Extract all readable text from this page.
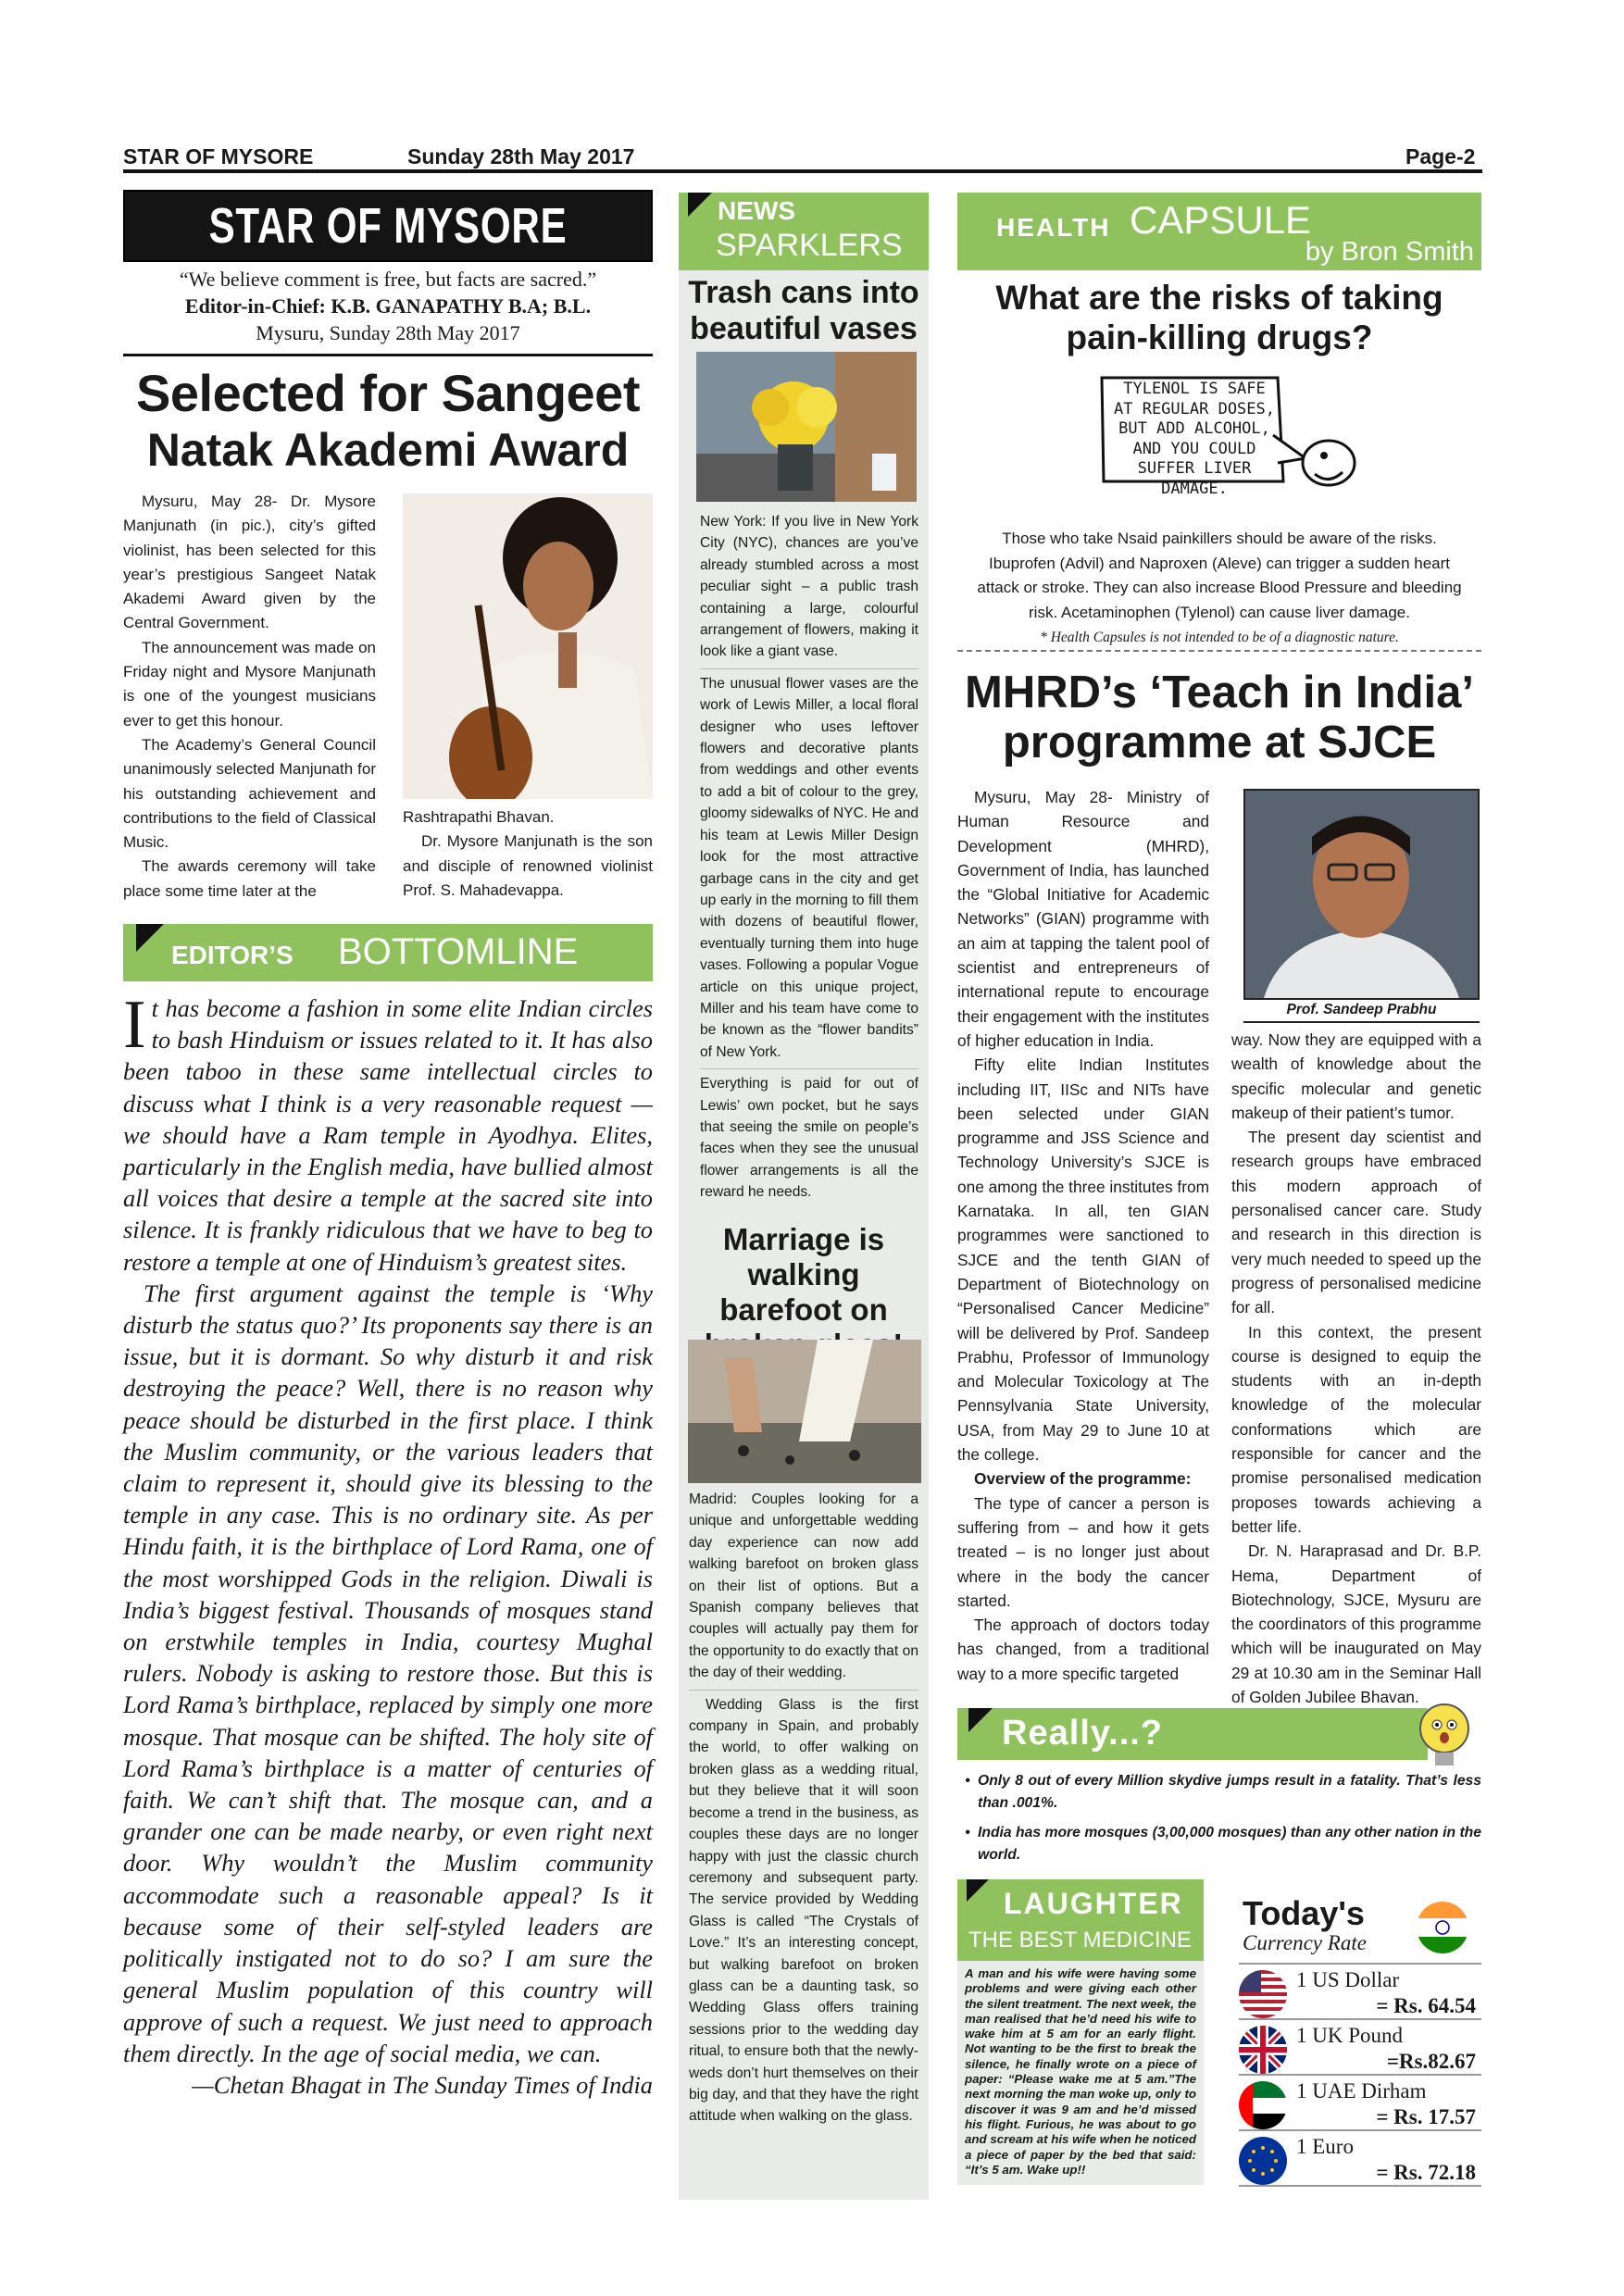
STAR OF MYSORE	Sunday 28th May 2017	Page-2
STAR OF MYSORE
“We believe comment is free, but facts are sacred.”
Editor-in-Chief: K.B. GANAPATHY B.A; B.L.
Mysuru, Sunday 28th May 2017
Selected for Sangeet
Natak Akademi Award

Mysuru, May 28- Dr. Mysore Manjunath (in pic.), city’s gifted violinist, has been selected for this year’s prestigious Sangeet Natak Akademi Award given by the Central Government.

The announcement was made on Friday night and Mysore Manjunath is one of the youngest musicians ever to get this honour.

The Academy’s General Council unanimously selected Manjunath for his outstanding achievement and contributions to the field of Classical Music.

The awards ceremony will take place some time later at the

Rashtrapathi Bhavan.

Dr. Mysore Manjunath is the son and disciple of renowned violinist Prof. S. Mahadevappa.

EDITOR’S BOTTOMLINE

It has become a fashion in some elite Indian circles to bash Hinduism or issues related to it. It has also been taboo in these same intellectual circles to discuss what I think is a very reasonable request — we should have a Ram temple in Ayodhya. Elites, particularly in the English media, have bullied almost all voices that desire a temple at the sacred site into silence. It is frankly ridiculous that we have to beg to restore a temple at one of Hinduism’s greatest sites.

The first argument against the temple is ‘Why disturb the status quo?’ Its proponents say there is an issue, but it is dormant. So why disturb it and risk destroying the peace? Well, there is no reason why peace should be disturbed in the first place. I think the Muslim community, or the various leaders that claim to represent it, should give its blessing to the temple in any case. This is no ordinary site. As per Hindu faith, it is the birthplace of Lord Rama, one of the most worshipped Gods in the religion. Diwali is India’s biggest festival. Thousands of mosques stand on erstwhile temples in India, courtesy Mughal rulers. Nobody is asking to restore those. But this is Lord Rama’s birthplace, replaced by simply one more mosque. That mosque can be shifted. The holy site of Lord Rama’s birthplace is a matter of centuries of faith. We can’t shift that. The mosque can, and a grander one can be made nearby, or even right next door. Why wouldn’t the Muslim community accommodate such a reasonable appeal? Is it because some of their self-styled leaders are politically instigated not to do so? I am sure the general Muslim population of this country will approve of such a request. We just need to approach them directly. In the age of social media, we can.

—Chetan Bhagat in The Sunday Times of India

NEWS
SPARKLERS
Trash cans into beautiful vases

New York: If you live in New York City (NYC), chances are you’ve already stumbled across a most peculiar sight – a public trash containing a large, colourful arrangement of flowers, making it look like a giant vase.

The unusual flower vases are the work of Lewis Miller, a local floral designer who uses leftover flowers and decorative plants from weddings and other events to add a bit of colour to the grey, gloomy sidewalks of NYC. He and his team at Lewis Miller Design look for the most attractive garbage cans in the city and get up early in the morning to fill them with dozens of beautiful flower, eventually turning them into huge vases. Following a popular Vogue article on this unique project, Miller and his team have come to be known as the “flower bandits” of New York.

Everything is paid for out of Lewis’ own pocket, but he says that seeing the smile on people’s faces when they see the unusual flower arrangements is all the reward he needs.

Marriage is walking barefoot on

Madrid: Couples looking for a unique and unforgettable wedding day experience can now add walking barefoot on broken glass on their list of options. But a Spanish company believes that couples will actually pay them for the opportunity to do exactly that on the day of their wedding.

Wedding Glass is the first company in Spain, and probably the world, to offer walking on broken glass as a wedding ritual, but they believe that it will soon become a trend in the business, as couples these days are no longer happy with just the classic church ceremony and subsequent party. The service provided by Wedding Glass is called “The Crystals of Love.” It’s an interesting concept, but walking barefoot on broken glass can be a daunting task, so Wedding Glass offers training sessions prior to the wedding day ritual, to ensure both that the newly-weds don’t hurt themselves on their big day, and that they have the right attitude when walking on the glass.

HEALTH CAPSULE
by Bron Smith
What are the risks of taking pain-killing drugs?
TYLENOL IS SAFE AT REGULAR DOSES, BUT ADD ALCOHOL, AND YOU COULD SUFFER LIVER DAMAGE.
Those who take Nsaid painkillers should be aware of the risks. Ibuprofen (Advil) and Naproxen (Aleve) can trigger a sudden heart attack or stroke. They can also increase Blood Pressure and bleeding risk. Acetaminophen (Tylenol) can cause liver damage.
* Health Capsules is not intended to be of a diagnostic nature.
MHRD’s ‘Teach in India’
programme at SJCE

Mysuru, May 28- Ministry of Human Resource and Development (MHRD), Government of India, has launched the “Global Initiative for Academic Networks” (GIAN) programme with an aim at tapping the talent pool of scientist and entrepreneurs of international repute to encourage their engagement with the institutes of higher education in India.

Fifty elite Indian Institutes including IIT, IISc and NITs have been selected under GIAN programme and JSS Science and Technology University’s SJCE is one among the three institutes from Karnataka. In all, ten GIAN programmes were sanctioned to SJCE and the tenth GIAN of Department of Biotechnology on “Personalised Cancer Medicine” will be delivered by Prof. Sandeep Prabhu, Professor of Immunology and Molecular Toxicology at The Pennsylvania State University, USA, from May 29 to June 10 at the college.

Overview of the programme:

The type of cancer a person is suffering from – and how it gets treated – is no longer just about where in the body the cancer started.

The approach of doctors today has changed, from a traditional way to a more specific targeted

Prof. Sandeep Prabhu

way. Now they are equipped with a wealth of knowledge about the specific molecular and genetic makeup of their patient’s tumor.

The present day scientist and research groups have embraced this modern approach of personalised cancer care. Study and research in this direction is very much needed to speed up the progress of personalised medicine for all.

In this context, the present course is designed to equip the students with an in-depth knowledge of the molecular conformations which are responsible for cancer and the promise personalised medication proposes towards achieving a better life.

Dr. N. Haraprasad and Dr. B.P. Hema, Department of Biotechnology, SJCE, Mysuru are the coordinators of this programme which will be inaugurated on May 29 at 10.30 am in the Seminar Hall of Golden Jubilee Bhavan.

Really...?
• Only 8 out of every Million skydive jumps result in a fatality. That’s less than .001%.
• India has more mosques (3,00,000 mosques) than any other nation in the world.
LAUGHTER
THE BEST MEDICINE
A man and his wife were having some problems and were giving each other the silent treatment. The next week, the man realised that he’d need his wife to wake him at 5 am for an early flight. Not wanting to be the first to break the silence, he finally wrote on a piece of paper: “Please wake me at 5 am.”The next morning the man woke up, only to discover it was 9 am and he’d missed his flight. Furious, he was about to go and scream at his wife when he noticed a piece of paper by the bed that said: “It’s 5 am. Wake up!!
Today's
Currency Rate
1 US Dollar
= Rs. 64.54
1 UK Pound
=Rs.82.67
1 UAE Dirham
= Rs. 17.57
1 Euro
= Rs. 72.18
